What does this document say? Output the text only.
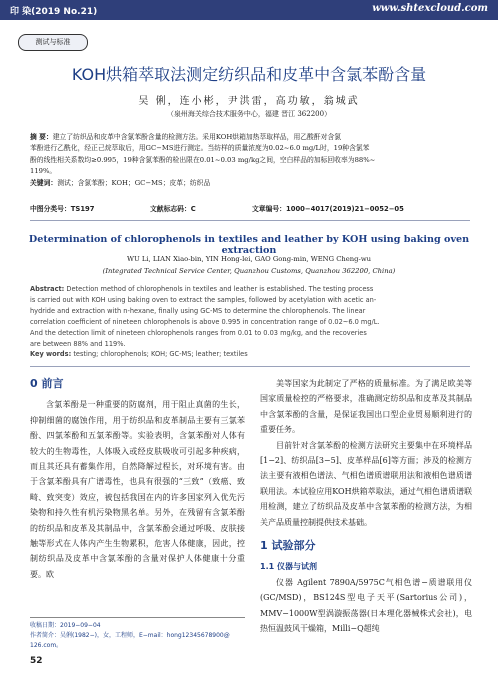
印 染(2019 No.21)	www.shtexcloud.com
测试与标准
KOH烘箱萃取法测定纺织品和皮革中含氯苯酚含量
吴 俐，连小彬，尹洪雷，高功敏，翁城武
（泉州海关综合技术服务中心，福建 晋江 362200）

摘 要：建立了纺织品和皮革中含氯苯酚含量的检测方法。采用KOH烘箱加热萃取样品，用乙酸酐对含氯

苯酚进行乙酰化，经正己烷萃取后，用GC−MS进行测定。当纺样的质量浓度为0.02~6.0 mg/L时，19种含氯苯

酚的线性相关系数均≥0.995，19种含氯苯酚的检出限在0.01~0.03 mg/kg之间，空白样品的加标回收率为88%~

119%。

关键词：测试；含氯苯酚；KOH；GC−MS；皮革；纺织品

中图分类号：TS197	文献标志码：C	文章编号：1000−4017(2019)21−0052−05
Determination of chlorophenols in textiles and leather by KOH using baking oven extraction
WU Li, LIAN Xiao-bin, YIN Hong-lei, GAO Gong-min, WENG Cheng-wu
(Integrated Technical Service Center, Quanzhou Customs, Quanzhou 362200, China)

Abstract: Detection method of chlorophenols in textiles and leather is established. The testing process

is carried out with KOH using baking oven to extract the samples, followed by acetylation with acetic an-

hydride and extraction with n-hexane, finally using GC-MS to determine the chlorophenols. The linear

correlation coefficient of nineteen chlorophenols is above 0.995 in concentration range of 0.02~6.0 mg/L.

And the detection limit of nineteen chlorophenols ranges from 0.01 to 0.03 mg/kg, and the recoveries

are between 88% and 119%.

Key words: testing; chlorophenols; KOH; GC-MS; leather; textiles
0 前言

含氯苯酚是一种重要的防腐剂，用于阻止真菌的生长，抑制细菌的腐蚀作用，用于纺织品和皮革制品主要有三氯苯酚、四氯苯酚和五氯苯酚等。实验表明，含氯苯酚对人体有较大的生物毒性，人体吸入或经皮肤吸收可引起多种疾病，而且其还具有蓄集作用，自然降解过程长，对环境有害。由于含氯苯酚具有广谱毒性，也具有很强的“三致”（致癌、致畸、致突变）效应，被包括我国在内的许多国家列入优先污染物和持久性有机污染物黑名单。另外，在残留有含氯苯酚的纺织品和皮革及其制品中，含氯苯酚会通过呼吸、皮肤接触等形式在人体内产生生物累积，危害人体健康，因此，控制纺织品及皮革中含氯苯酚的含量对保护人体健康十分重要。欧

美等国家为此制定了严格的质量标准。为了满足欧美等国家质量检控的严格要求，准确测定纺织品和皮革及其制品中含氯苯酚的含量，是保证我国出口型企业贸易顺利进行的重要任务。

目前针对含氯苯酚的检测方法研究主要集中在环境样品[1−2]、纺织品[3−5]、皮革样品[6]等方面；涉及的检测方法主要有液相色谱法、气相色谱质谱联用法和液相色谱质谱联用法。本试验应用KOH烘箱萃取法，通过气相色谱质谱联用检测，建立了纺织品及皮革中含氯苯酚的检测方法，为相关产品质量控制提供技术基础。

1 试验部分
1.1 仪器与试剂

仪器 Agilent 7890A/5975C气相色谱−质谱联用仪(GC/MSD)，BS124S型电子天平(Sartorius公司)，MMV−1000W型涡漩振荡器(日本理化器械株式会社)，电热恒温鼓风干燥箱，Milli−Q超纯

收稿日期：2019−09−04

作者简介：吴俐(1982−)，女，工程师，E−mail：hong12345678900@

126.com。

52
